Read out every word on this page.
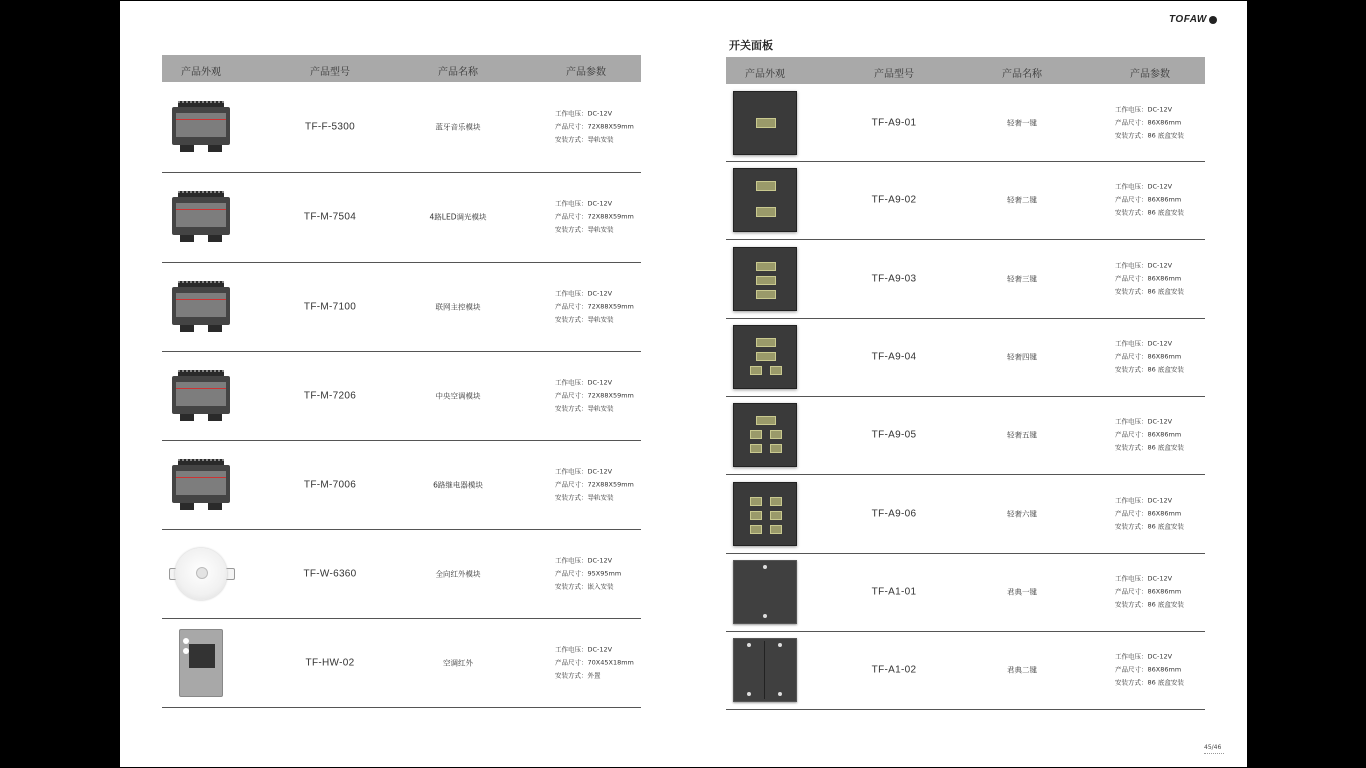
TOFAW
开关面板
产品外观	产品型号	产品名称	产品参数
TF-F-5300	蓝牙音乐模块
工作电压：DC-12V
产品尺寸：72X88X59mm
安装方式：导轨安装
TF-M-7504	4路LED调光模块
工作电压：DC-12V
产品尺寸：72X88X59mm
安装方式：导轨安装
TF-M-7100	联网主控模块
工作电压：DC-12V
产品尺寸：72X88X59mm
安装方式：导轨安装
TF-M-7206	中央空调模块
工作电压：DC-12V
产品尺寸：72X88X59mm
安装方式：导轨安装
TF-M-7006	6路继电器模块
工作电压：DC-12V
产品尺寸：72X88X59mm
安装方式：导轨安装
TF-W-6360	全向红外模块
工作电压：DC-12V
产品尺寸：95X95mm
安装方式：嵌入安装
TF-HW-02	空调红外
工作电压：DC-12V
产品尺寸：70X45X18mm
安装方式：外置
产品外观	产品型号	产品名称	产品参数
TF-A9-01	轻奢一键
工作电压：DC-12V
产品尺寸：86X86mm
安装方式：86 底盒安装
TF-A9-02	轻奢二键
工作电压：DC-12V
产品尺寸：86X86mm
安装方式：86 底盒安装
TF-A9-03	轻奢三键
工作电压：DC-12V
产品尺寸：86X86mm
安装方式：86 底盒安装
TF-A9-04	轻奢四键
工作电压：DC-12V
产品尺寸：86X86mm
安装方式：86 底盒安装
TF-A9-05	轻奢五键
工作电压：DC-12V
产品尺寸：86X86mm
安装方式：86 底盒安装
TF-A9-06	轻奢六键
工作电压：DC-12V
产品尺寸：86X86mm
安装方式：86 底盒安装
TF-A1-01	君典一键
工作电压：DC-12V
产品尺寸：86X86mm
安装方式：86 底盒安装
TF-A1-02	君典二键
工作电压：DC-12V
产品尺寸：86X86mm
安装方式：86 底盒安装
45/46
